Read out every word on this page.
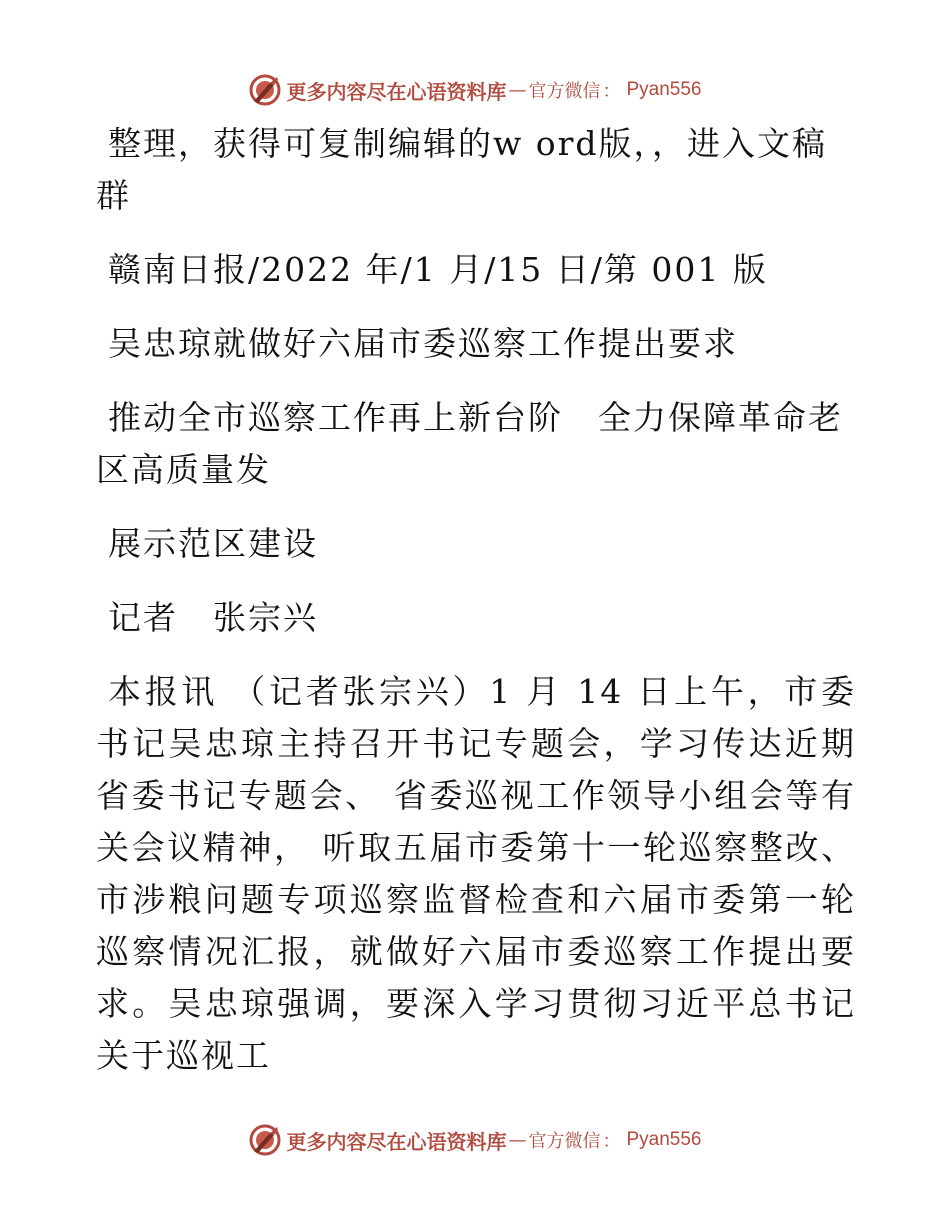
更多内容尽在心语资料库 — 官方微信 ： Pyan556

整理，获得可复制编辑的w ord版，，进入文稿群

赣南日报/2022 年/1 月/15 日/第 001 版

吴忠琼就做好六届市委巡察工作提出要求

推动全市巡察工作再上新台阶　全力保障革命老区高质量发

展示范区建设

记者　张宗兴

本报讯 （记者张宗兴）1 月 14 日上午，市委书记吴忠琼主持召开书记专题会，学习传达近期省委书记专题会、 省委巡视工作领导小组会等有关会议精神， 听取五届市委第十一轮巡察整改、市涉粮问题专项巡察监督检查和六届市委第一轮巡察情况汇报，就做好六届市委巡察工作提出要求。吴忠琼强调，要深入学习贯彻习近平总书记关于巡视工

更多内容尽在心语资料库 — 官方微信 ： Pyan556
